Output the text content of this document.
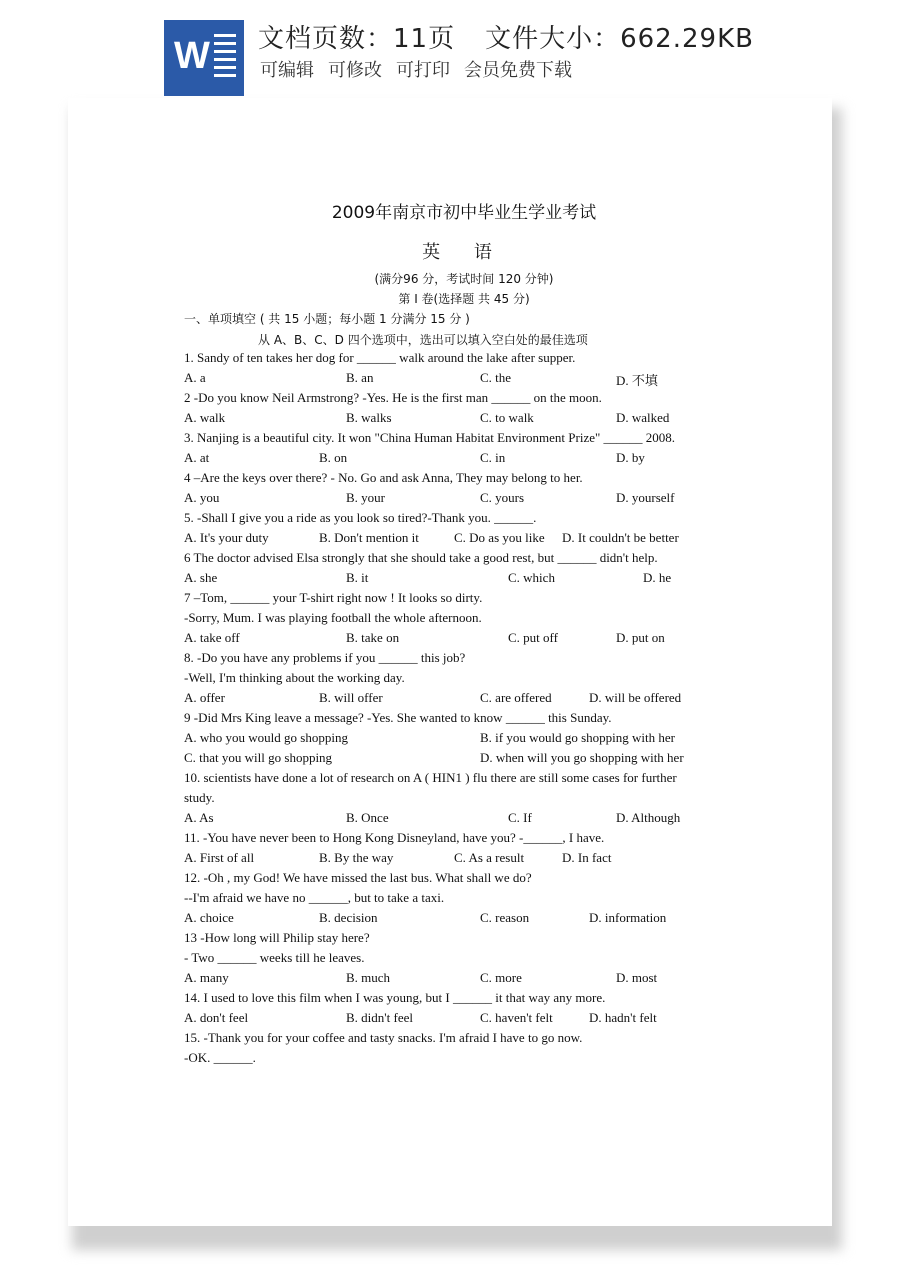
W 文档页数：11页 文件大小：662.29KB
可编辑 可修改 可打印 会员免费下载
2009年南京市初中毕业生学业考试
英 语
(满分96 分，考试时间 120 分钟)
第 I 卷(选择题 共 45 分)
一、单项填空 ( 共 15 小题；每小题 1 分满分 15 分 )
从 A、B、C、D 四个选项中，选出可以填入空白处的最佳选项
1. Sandy of ten takes her dog for ______ walk around the lake after supper.
A. a	B. an	C. the	D. 不填
2 -Do you know Neil Armstrong? -Yes. He is the first man ______ on the moon.
A. walk	B. walks	C. to walk	D. walked
3. Nanjing is a beautiful city. It won "China Human Habitat Environment Prize" ______ 2008.
A. at	B. on	C. in	D. by
4 –Are the keys over there? - No. Go and ask Anna, They may belong to her.
A. you	B. your	C. yours	D. yourself
5. -Shall I give you a ride as you look so tired?-Thank you. ______.
A. It's your duty	B. Don't mention it	C. Do as you like D. It couldn't be better
6 The doctor advised Elsa strongly that she should take a good rest, but ______ didn't help.
A. she	B. it	C. which	D. he
7 –Tom, ______ your T-shirt right now ! It looks so dirty.
-Sorry, Mum. I was playing football the whole afternoon.
A. take off	B. take on	C. put off	D. put on
8. -Do you have any problems if you ______ this job?
-Well, I'm thinking about the working day.
A. offer	B. will offer	C. are offered	D. will be offered
9 -Did Mrs King leave a message? -Yes. She wanted to know ______ this Sunday.
A. who you would go shopping	B. if you would go shopping with her
C. that you will go shopping	D. when will you go shopping with her
10. scientists have done a lot of research on A ( HIN1 ) flu there are still some cases for further
study.
A. As	B. Once	C. If	D. Although
11. -You have never been to Hong Kong Disneyland, have you? -______, I have.
A. First of all	B. By the way	C. As a result	D. In fact
12. -Oh , my God! We have missed the last bus. What shall we do?
--I'm afraid we have no ______, but to take a taxi.
A. choice	B. decision	C. reason	D. information
13 -How long will Philip stay here?
- Two ______ weeks till he leaves.
A. many	B. much	C. more	D. most
14. I used to love this film when I was young, but I ______ it that way any more.
A. don't feel	B. didn't feel	C. haven't felt	D. hadn't felt
15. -Thank you for your coffee and tasty snacks. I'm afraid I have to go now.
-OK. ______.
